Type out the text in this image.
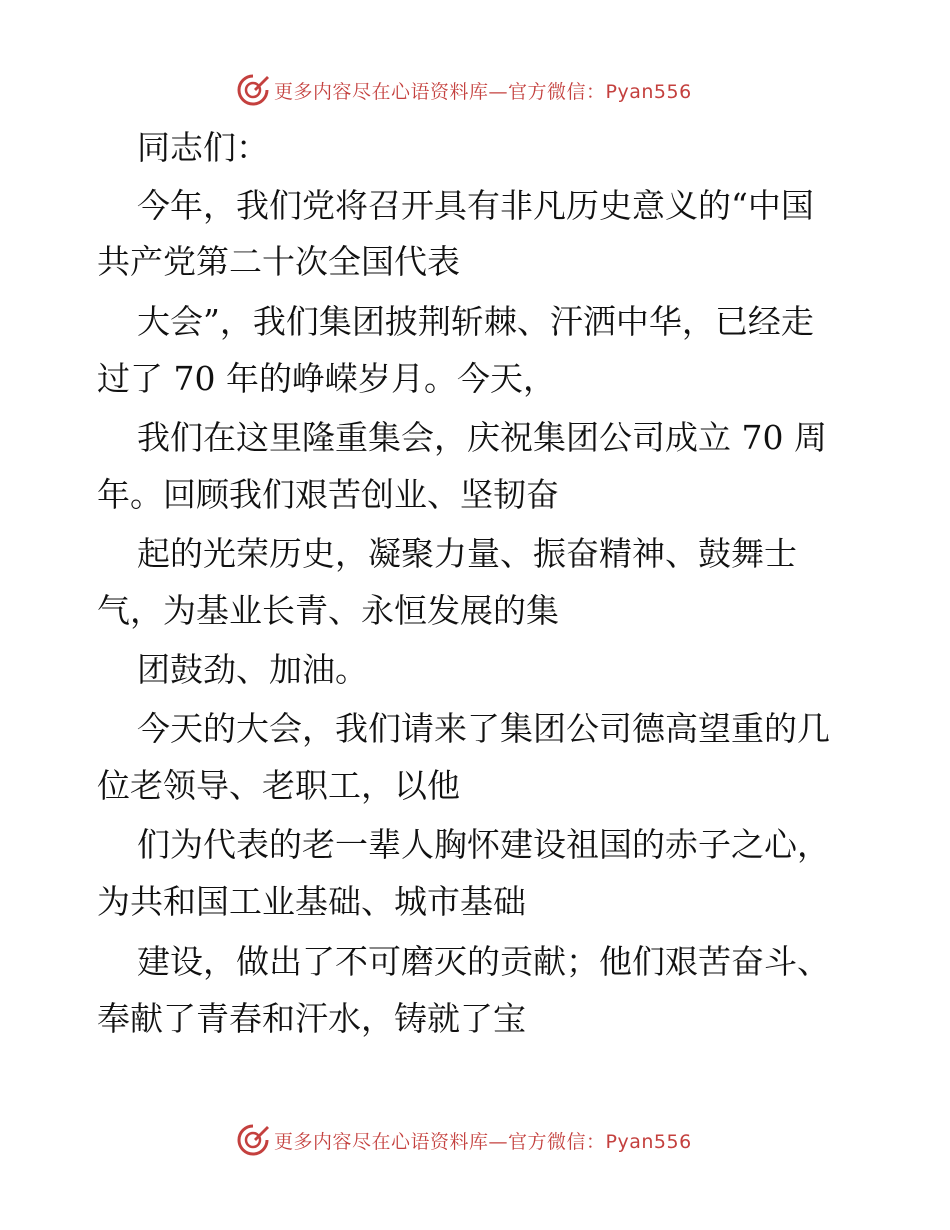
更多内容尽在心语资料库—官方微信：Pyan556
同志们：
今年，我们党将召开具有非凡历史意义的“中国
共产党第二十次全国代表
大会”，我们集团披荆斩棘、汗洒中华，已经走
过了 70 年的峥嵘岁月。今天，
我们在这里隆重集会，庆祝集团公司成立 70 周
年。回顾我们艰苦创业、坚韧奋
起的光荣历史，凝聚力量、振奋精神、鼓舞士
气，为基业长青、永恒发展的集
团鼓劲、加油。
今天的大会，我们请来了集团公司德高望重的几
位老领导、老职工，以他
们为代表的老一辈人胸怀建设祖国的赤子之心，
为共和国工业基础、城市基础
建设，做出了不可磨灭的贡献；他们艰苦奋斗、
奉献了青春和汗水，铸就了宝
更多内容尽在心语资料库—官方微信：Pyan556
